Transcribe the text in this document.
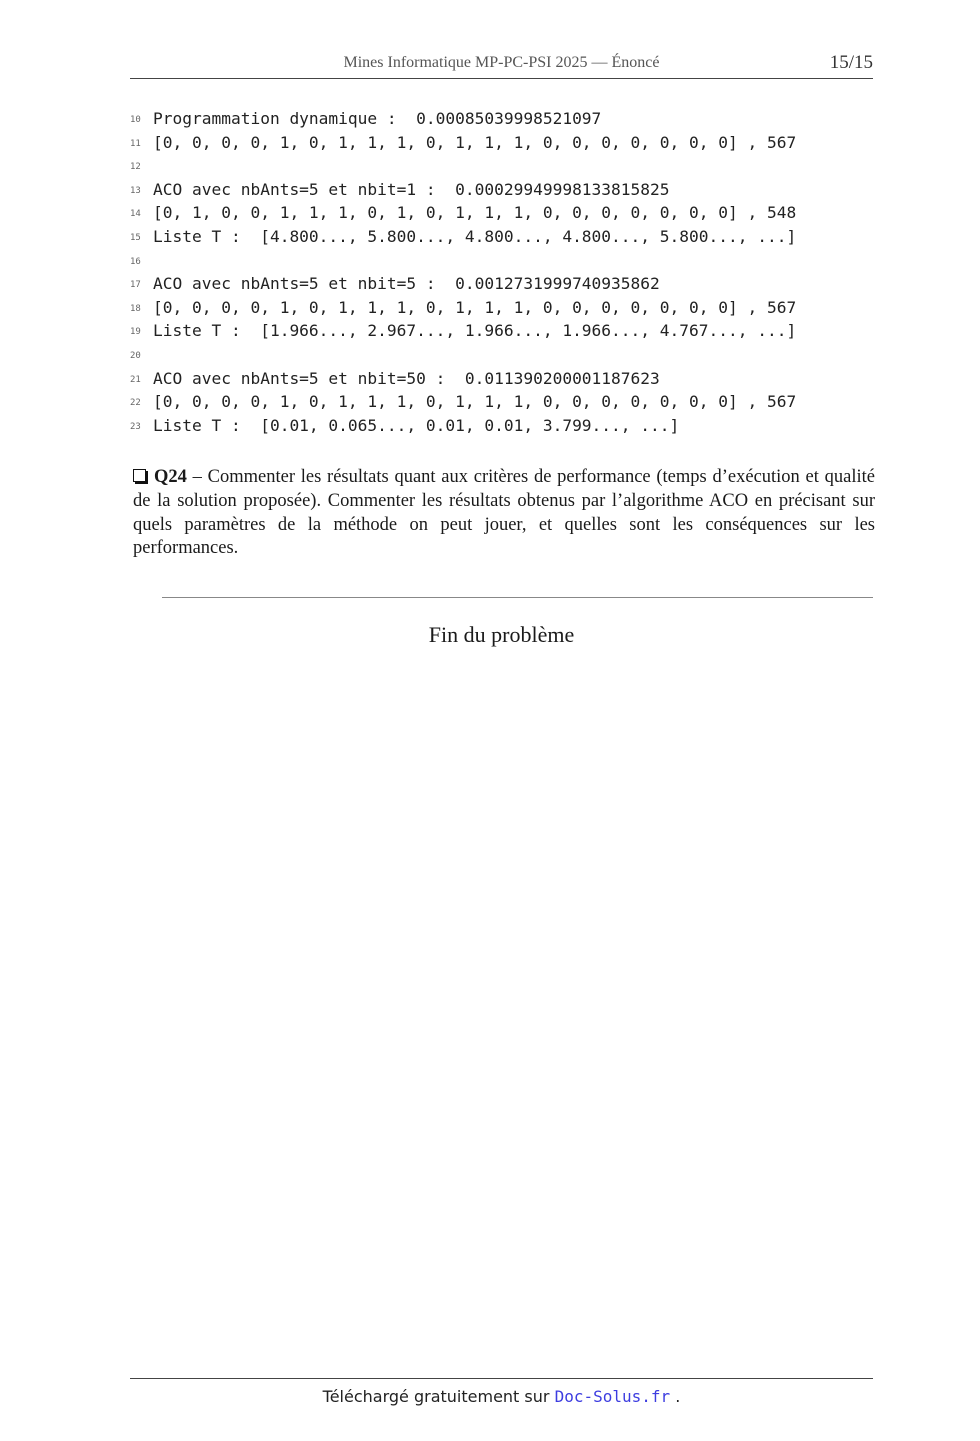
Mines Informatique MP-PC-PSI 2025 — Énoncé	15/15

10

Programmation dynamique :  0.00085039998521097

11

[0, 0, 0, 0, 1, 0, 1, 1, 1, 0, 1, 1, 1, 0, 0, 0, 0, 0, 0, 0] , 567

12

13

ACO avec nbAnts=5 et nbit=1 :  0.00029949998133815825

14

[0, 1, 0, 0, 1, 1, 1, 0, 1, 0, 1, 1, 1, 0, 0, 0, 0, 0, 0, 0] , 548

15

Liste T :  [4.800..., 5.800..., 4.800..., 4.800..., 5.800..., ...]

16

17

ACO avec nbAnts=5 et nbit=5 :  0.0012731999740935862

18

[0, 0, 0, 0, 1, 0, 1, 1, 1, 0, 1, 1, 1, 0, 0, 0, 0, 0, 0, 0] , 567

19

Liste T :  [1.966..., 2.967..., 1.966..., 1.966..., 4.767..., ...]

20

21

ACO avec nbAnts=5 et nbit=50 :  0.011390200001187623

22

[0, 0, 0, 0, 1, 0, 1, 1, 1, 0, 1, 1, 1, 0, 0, 0, 0, 0, 0, 0] , 567

23

Liste T :  [0.01, 0.065..., 0.01, 0.01, 3.799..., ...]

Q24 – Commenter les résultats quant aux critères de performance (temps d’exécution et qualité de la solution proposée). Commenter les résultats obtenus par l’algorithme ACO en précisant sur quels paramètres de la méthode on peut jouer, et quelles sont les conséquences sur les performances.
Fin du problème
Téléchargé gratuitement sur Doc-Solus.fr .
